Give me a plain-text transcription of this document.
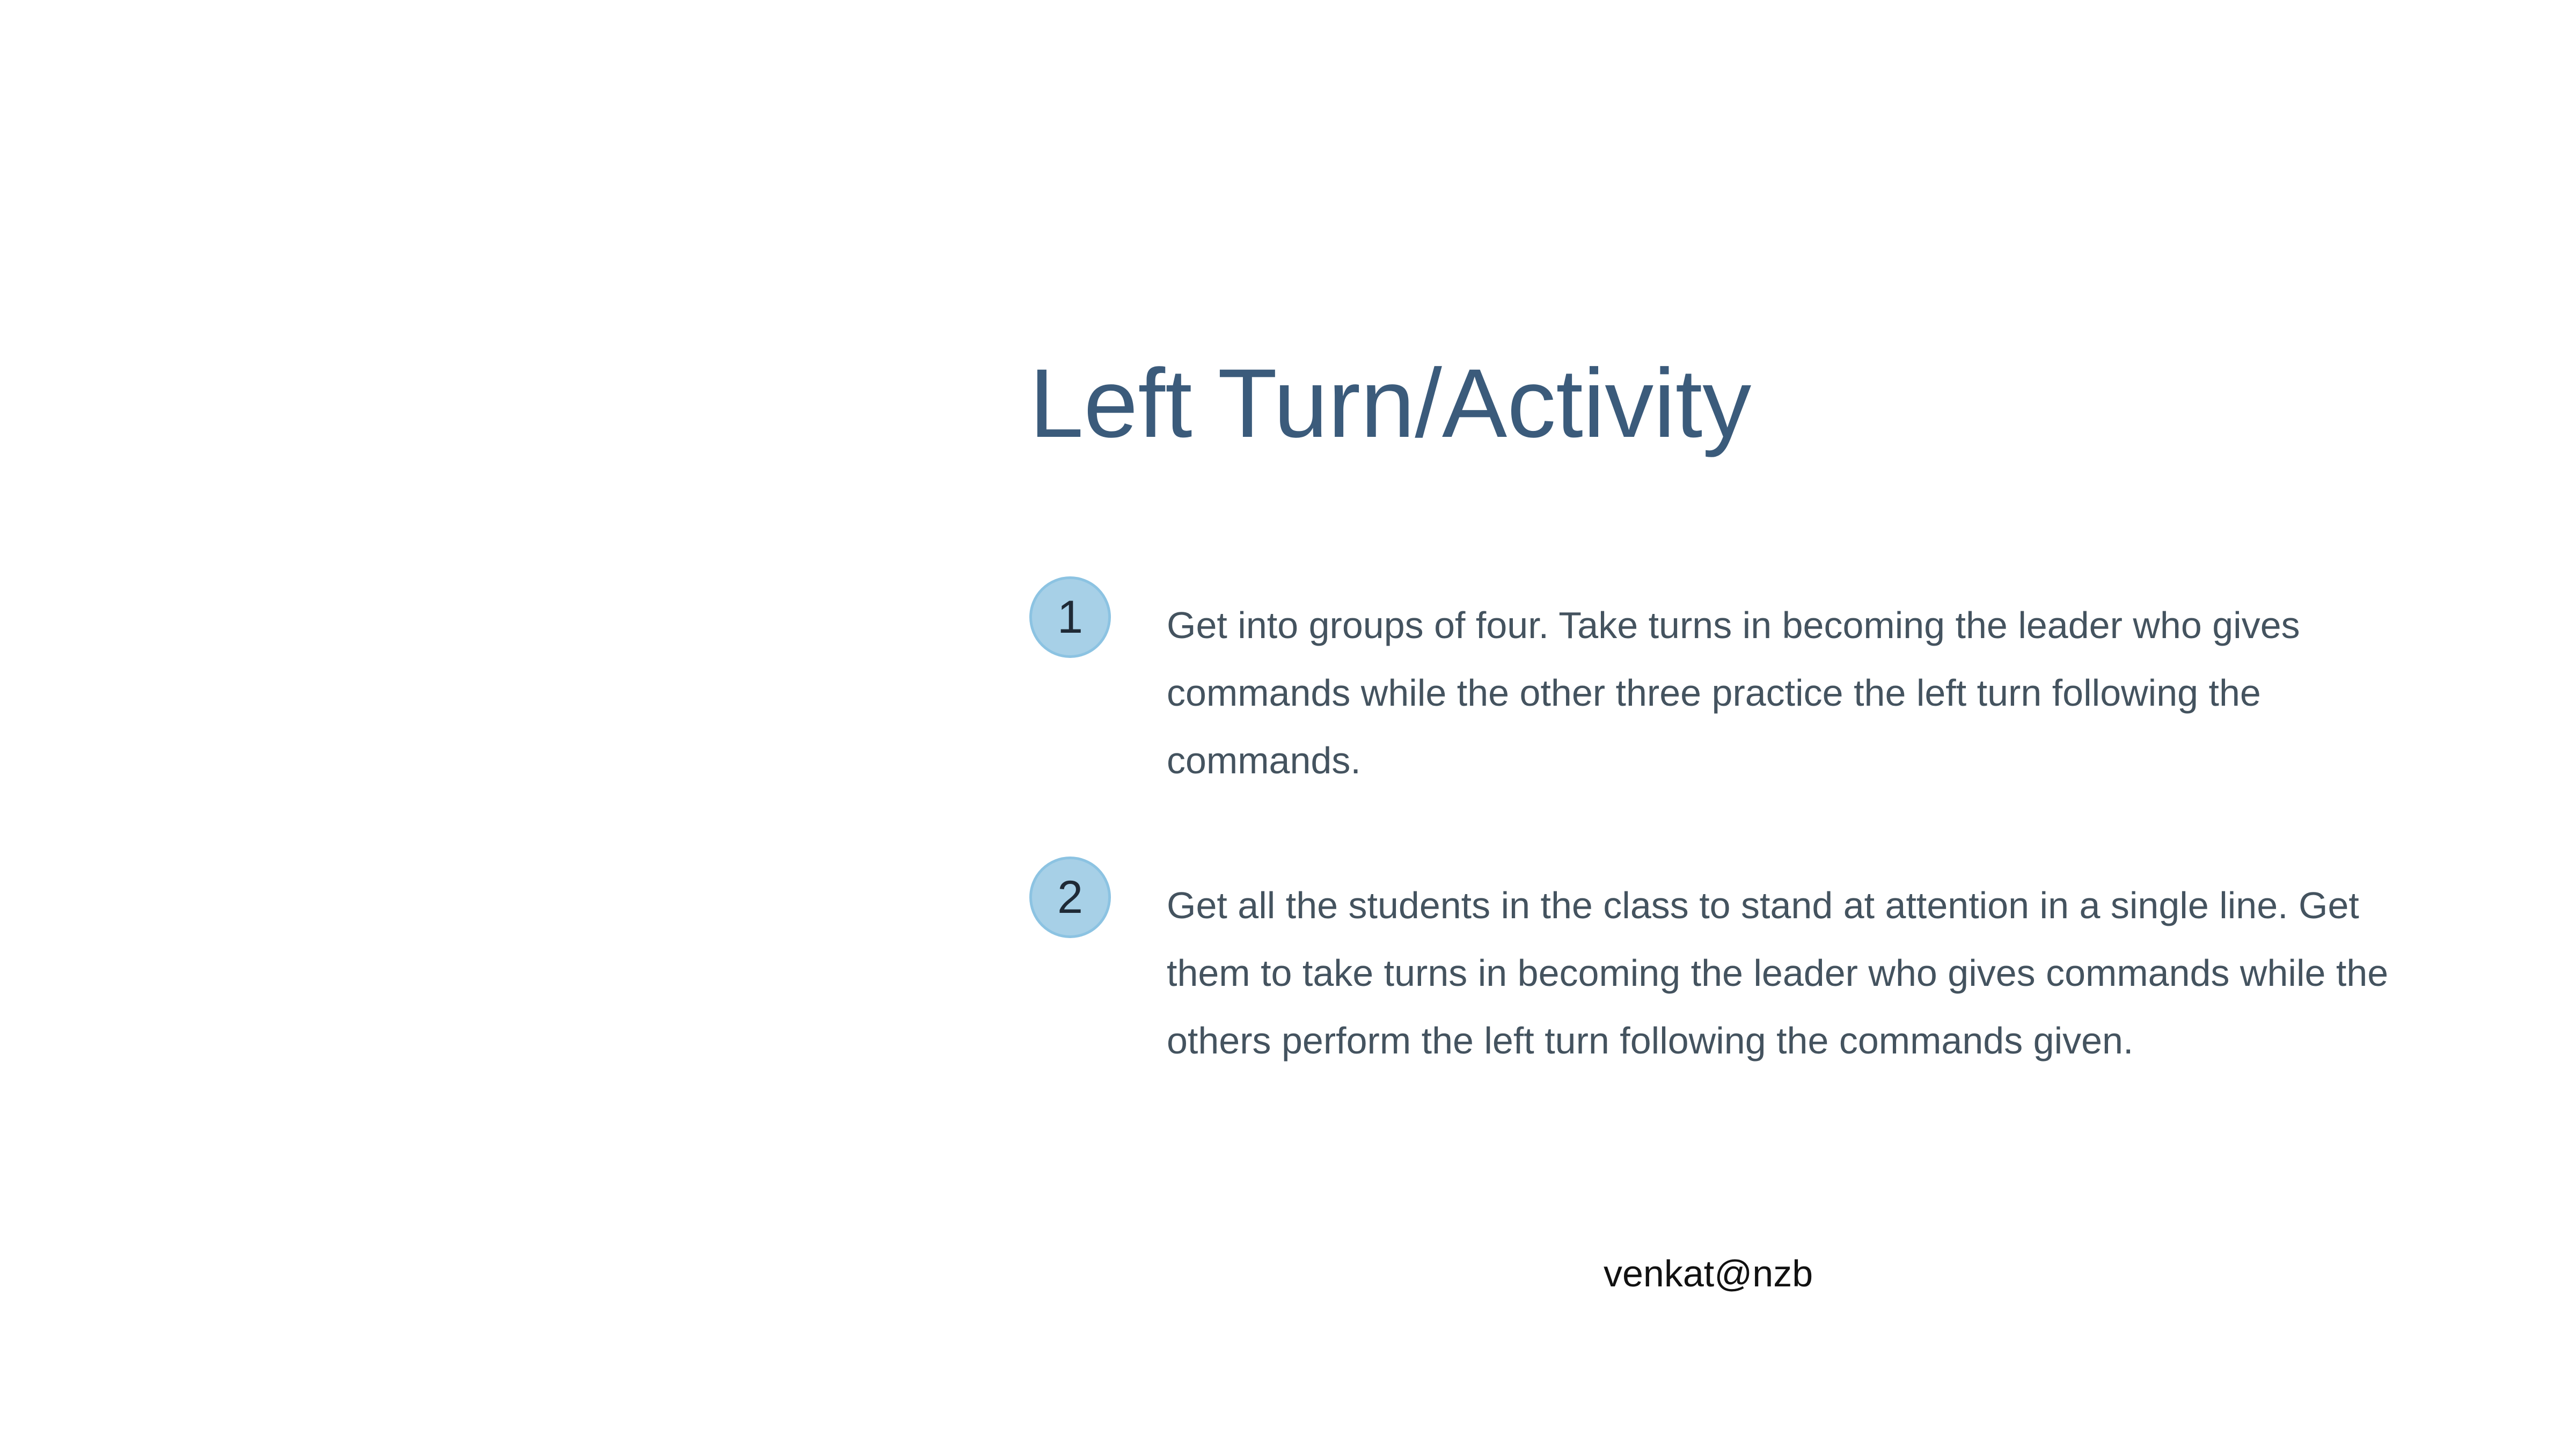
Left Turn/Activity
1	Get into groups of four. Take turns in becoming the leader who gives commands while the other three practice the left turn following the commands.
2	Get all the students in the class to stand at attention in a single line. Get them to take turns in becoming the leader who gives commands while the others perform the left turn following the commands given.
venkat@nzb
